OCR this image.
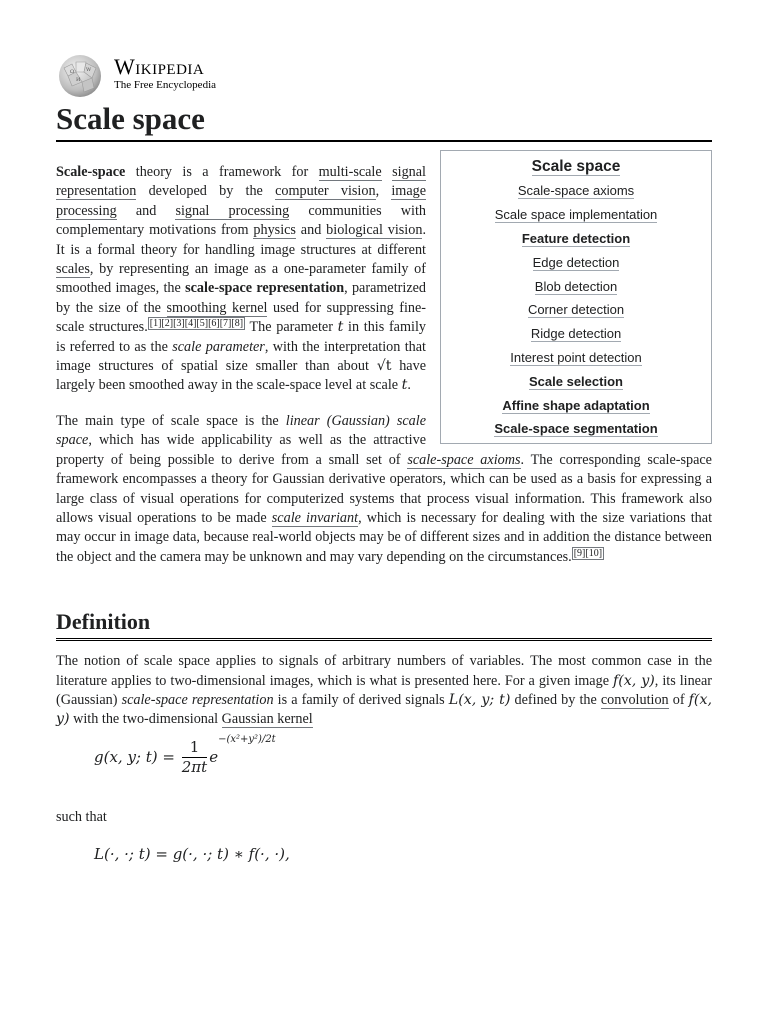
Ω W
И
Wikipedia
The Free Encyclopedia
Scale space
Scale space
Scale-space axioms
Scale space implementation
Feature detection
Edge detection
Blob detection
Corner detection
Ridge detection
Interest point detection
Scale selection
Affine shape adaptation
Scale-space segmentation

Scale-space theory is a framework for multi-scale signal representation developed by the computer vision, image processing and signal processing communities with complementary motivations from physics and biological vision. It is a formal theory for handling image structures at different scales, by representing an image as a one-parameter family of smoothed images, the scale-space representation, parametrized by the size of the smoothing kernel used for suppressing fine-scale structures. [1][2][3][4][5][6][7][8] The parameter t in this family is referred to as the scale parameter, with the interpretation that image structures of spatial size smaller than about √t have largely been smoothed away in the scale-space level at scale t.

The main type of scale space is the linear (Gaussian) scale space, which has wide applicability as well as the attractive property of being possible to derive from a small set of scale-space axioms. The corresponding scale-space framework encompasses a theory for Gaussian derivative operators, which can be used as a basis for expressing a large class of visual operations for computerized systems that process visual information. This framework also allows visual operations to be made scale invariant, which is necessary for dealing with the size variations that may occur in image data, because real-world objects may be of different sizes and in addition the distance between the object and the camera may be unknown and may vary depending on the circumstances. [9][10]

Definition

The notion of scale space applies to signals of arbitrary numbers of variables. The most common case in the literature applies to two-dimensional images, which is what is presented here. For a given image f(x, y), its linear (Gaussian) scale-space representation is a family of derived signals L(x, y; t) defined by the convolution of f(x, y) with the two-dimensional Gaussian kernel

g(x, y; $t) = \frac{1}{2\pi t} e^{-(x^2+y^2)/2t}$
such that
L(·, ·; t) = g(·, ·; t) ∗ f(·, ·),
